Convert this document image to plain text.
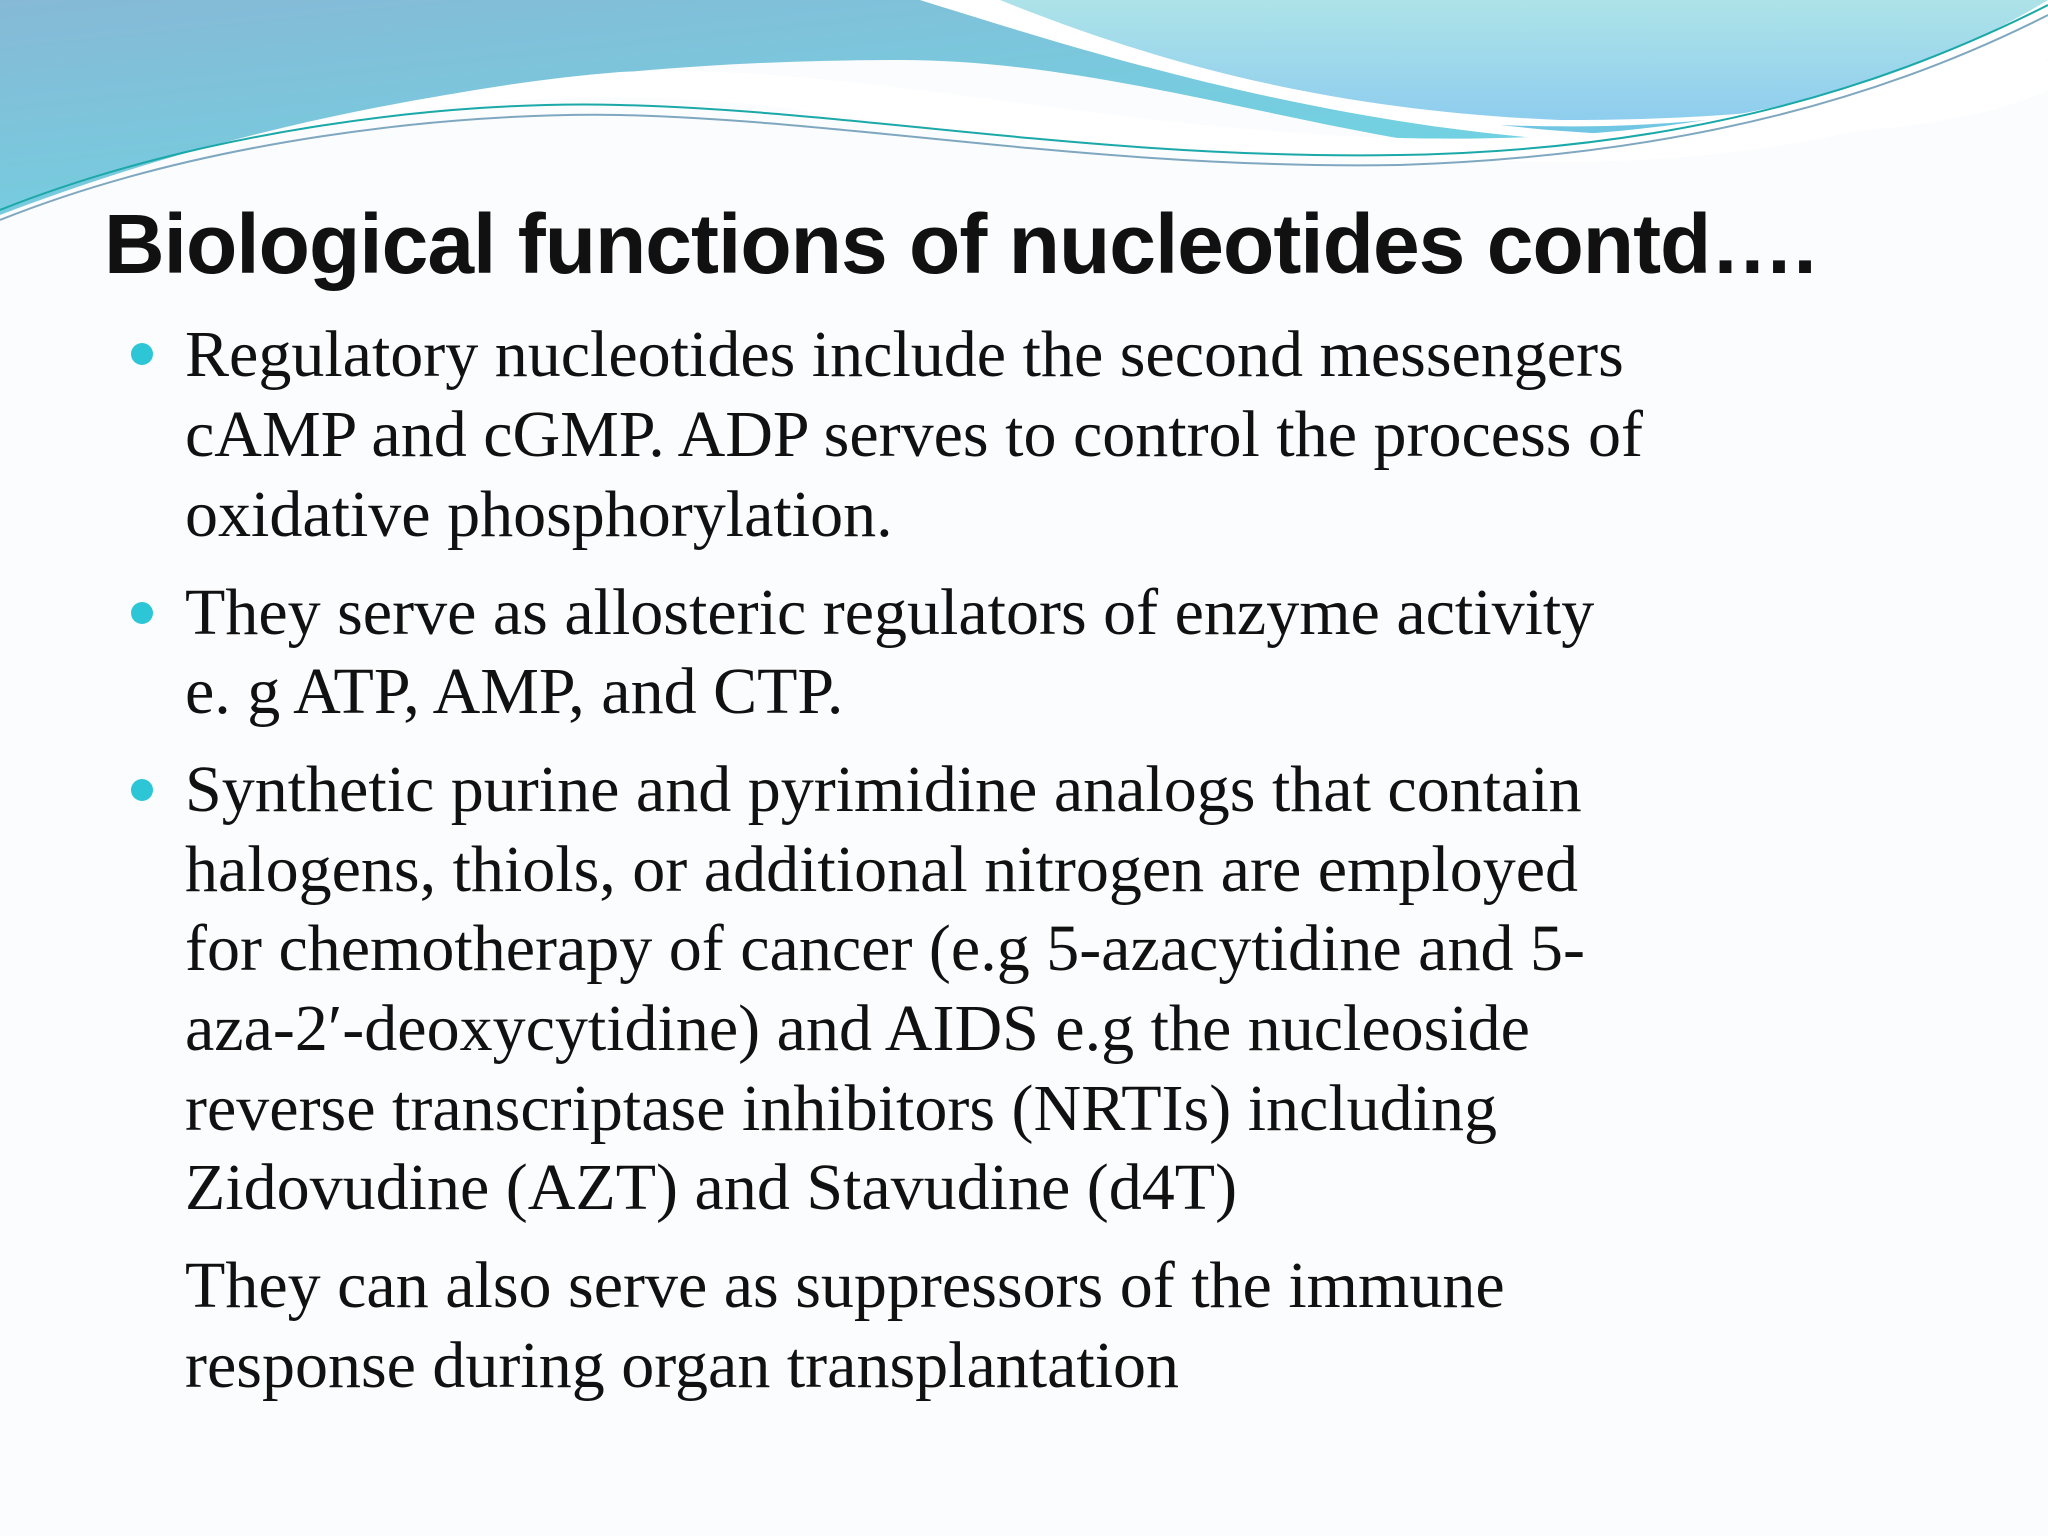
Biological functions of nucleotides contd….
Regulatory nucleotides include the second messengers
cAMP and cGMP. ADP serves to control the process of
oxidative phosphorylation.
They serve as allosteric regulators of enzyme activity
e. g ATP, AMP, and CTP.
Synthetic purine and pyrimidine analogs that contain
halogens, thiols, or additional nitrogen are employed
for chemotherapy of cancer (e.g 5-azacytidine and 5-
aza-2′-deoxycytidine) and AIDS e.g the nucleoside
reverse transcriptase inhibitors (NRTIs) including
Zidovudine (AZT) and Stavudine (d4T)
They can also serve as suppressors of the immune
response during organ transplantation
